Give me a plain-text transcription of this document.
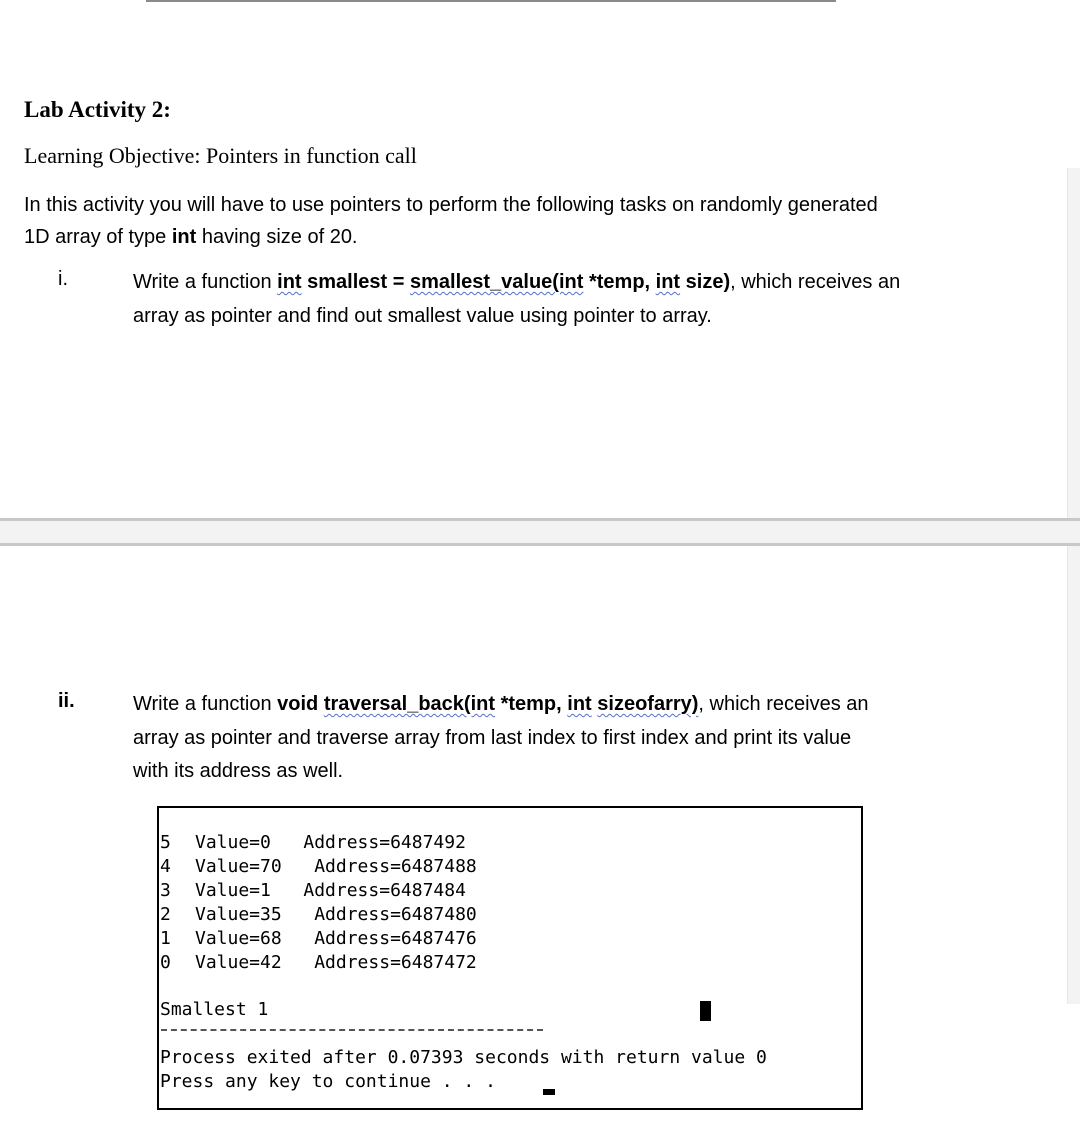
Lab Activity 2:
Learning Objective: Pointers in function call
In this activity you will have to use pointers to perform the following tasks on randomly generated
1D array of type int having size of 20.
i.	Write a function int smallest = smallest_value(int *temp, int size), which receives an
array as pointer and find out smallest value using pointer to array.
ii.	Write a function void traversal_back(int *temp, int sizeofarry), which receives an
array as pointer and traverse array from last index to first index and print its value
with its address as well.
5 Value=0   Address=6487492
4 Value=70   Address=6487488
3 Value=1   Address=6487484
2 Value=35   Address=6487480
1 Value=68   Address=6487476
0 Value=42   Address=6487472
Smallest 1
Process exited after 0.07393 seconds with return value 0
Press any key to continue . . .
